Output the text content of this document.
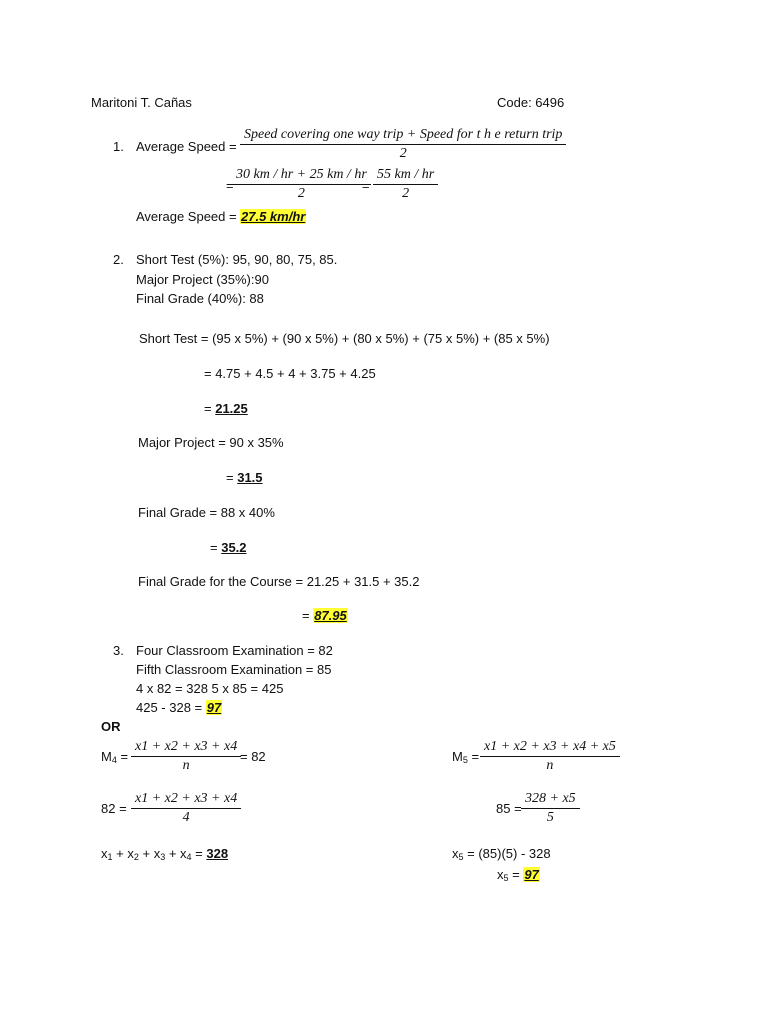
Maritoni T. Cañas	Code: 6496
1. Average Speed =
Speed covering one way trip + Speed for t h e return trip
2
=
$\frac{30 km / hr + 25 km / hr}{2}$
= $\frac{55 km / hr}{2}$
Average Speed = 27.5 km/hr
2. Short Test (5%): 95, 90, 80, 75, 85.
Major Project (35%):90
Final Grade (40%): 88
Short Test = (95 x 5%) + (90 x 5%) + (80 x 5%) + (75 x 5%) + (85 x 5%)
= 4.75 + 4.5 + 4 + 3.75 + 4.25
= 21.25
Major Project = 90 x 35%
= 31.5
Final Grade = 88 x 40%
= 35.2
Final Grade for the Course = 21.25 + 31.5 + 35.2
= 87.95
3. Four Classroom Examination = 82
Fifth Classroom Examination = 85
4 x 82 = 328 5 x 85 = 425
425 - 328 = 97
OR
$M_4 = \frac{x1 + x2 + x3 + x4}{n}$
= 82	$M_5 = \frac{x1 + x2 + x3 + x4 + x5}{n}$
$82 = \frac{x1 + x2 + x3 + x4}{4}$	$85 = \frac{328 + x5}{5}$
$x_1 + x_2 + x_3 + x_4 = 328$	$x_5 = (85)(5) - 328$
$x_5 = 97$
